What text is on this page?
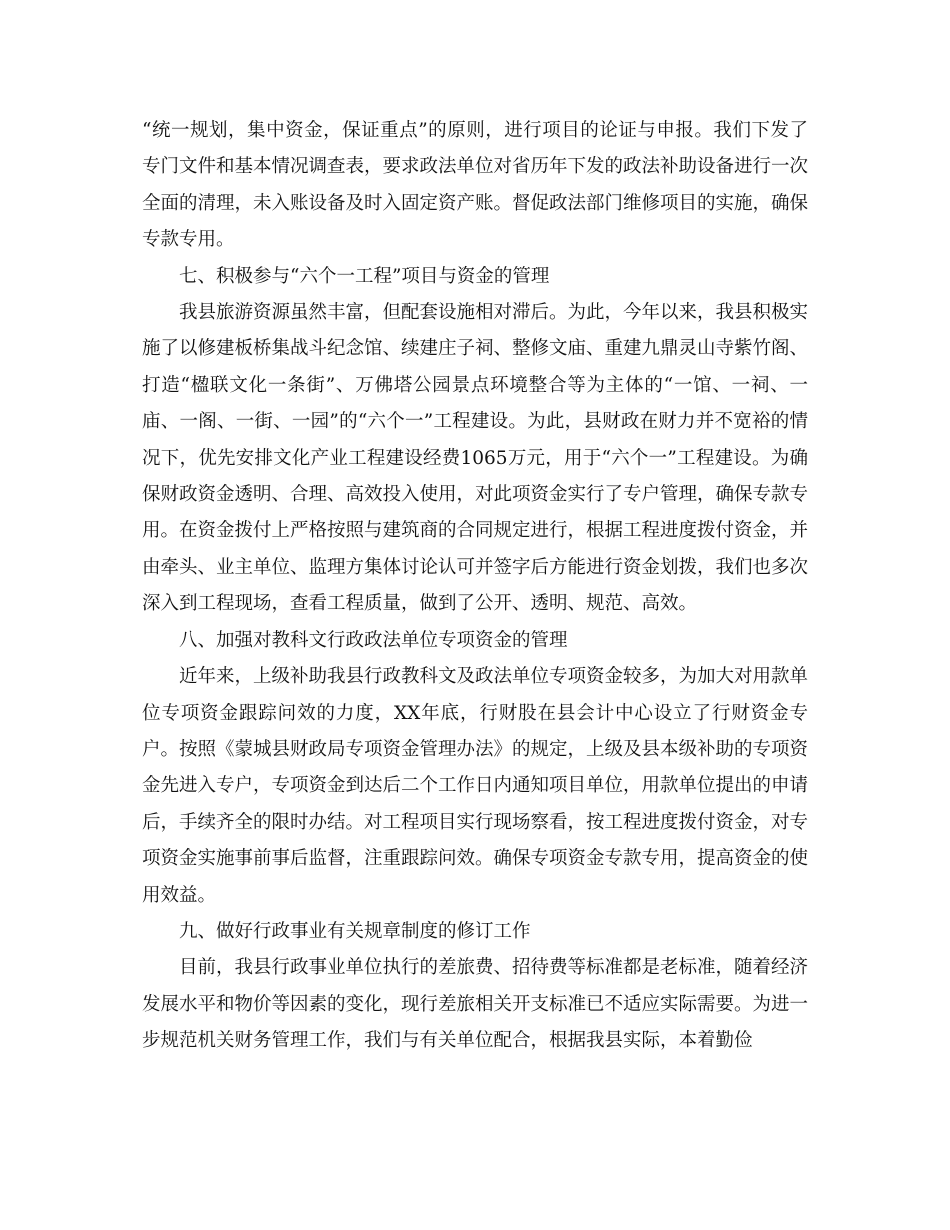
“统一规划，集中资金，保证重点”的原则，进行项目的论证与申报。我们下发了专门文件和基本情况调查表，要求政法单位对省历年下发的政法补助设备进行一次全面的清理，未入账设备及时入固定资产账。督促政法部门维修项目的实施，确保专款专用。

七、积极参与“六个一工程”项目与资金的管理

我县旅游资源虽然丰富，但配套设施相对滞后。为此，今年以来，我县积极实施了以修建板桥集战斗纪念馆、续建庄子祠、整修文庙、重建九鼎灵山寺紫竹阁、打造“楹联文化一条街”、万佛塔公园景点环境整合等为主体的“一馆、一祠、一庙、一阁、一街、一园”的“六个一”工程建设。为此，县财政在财力并不宽裕的情况下，优先安排文化产业工程建设经费1065万元，用于“六个一”工程建设。为确保财政资金透明、合理、高效投入使用，对此项资金实行了专户管理，确保专款专用。在资金拨付上严格按照与建筑商的合同规定进行，根据工程进度拨付资金，并由牵头、业主单位、监理方集体讨论认可并签字后方能进行资金划拨，我们也多次深入到工程现场，查看工程质量，做到了公开、透明、规范、高效。

八、加强对教科文行政政法单位专项资金的管理

近年来，上级补助我县行政教科文及政法单位专项资金较多，为加大对用款单位专项资金跟踪问效的力度，XX年底，行财股在县会计中心设立了行财资金专户。按照《蒙城县财政局专项资金管理办法》的规定，上级及县本级补助的专项资金先进入专户，专项资金到达后二个工作日内通知项目单位，用款单位提出的申请后，手续齐全的限时办结。对工程项目实行现场察看，按工程进度拨付资金，对专项资金实施事前事后监督，注重跟踪问效。确保专项资金专款专用，提高资金的使用效益。

九、做好行政事业有关规章制度的修订工作

目前，我县行政事业单位执行的差旅费、招待费等标准都是老标准，随着经济发展水平和物价等因素的变化，现行差旅相关开支标准已不适应实际需要。为进一步规范机关财务管理工作，我们与有关单位配合，根据我县实际，本着勤俭
